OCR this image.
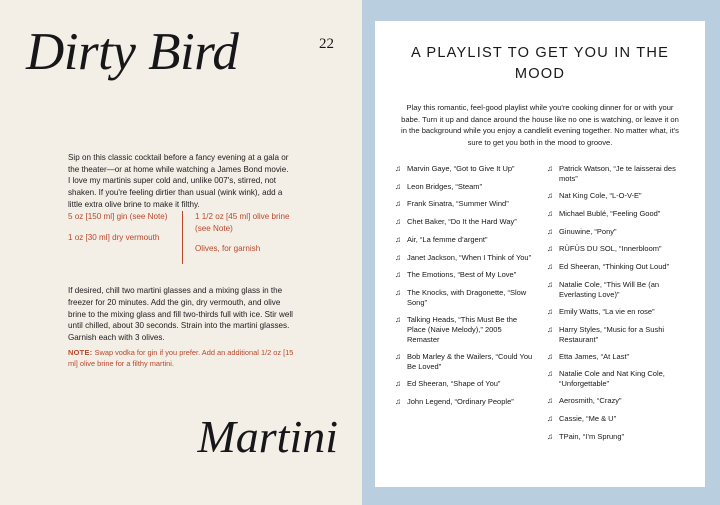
Dirty Bird	22
Sip on this classic cocktail before a fancy evening at a gala or the theater—or at home while watching a James Bond movie. I love my martinis super cold and, unlike 007's, stirred, not shaken. If you're feeling dirtier than usual (wink wink), add a little extra olive brine to make it filthy.
5 oz [150 ml] gin (see Note)
1 oz [30 ml] dry vermouth
1 1/2 oz [45 ml] olive brine (see Note)
Olives, for garnish
If desired, chill two martini glasses and a mixing glass in the freezer for 20 minutes. Add the gin, dry vermouth, and olive brine to the mixing glass and fill two-thirds full with ice. Stir well until chilled, about 30 seconds. Strain into the martini glasses. Garnish each with 3 olives.
NOTE: Swap vodka for gin if you prefer. Add an additional 1/2 oz [15 ml] olive brine for a filthy martini.
Martini
A PLAYLIST TO GET YOU IN THE MOOD
Play this romantic, feel-good playlist while you're cooking dinner for or with your babe. Turn it up and dance around the house like no one is watching, or leave it on in the background while you enjoy a candlelit evening together. No matter what, it's sure to get you both in the mood to groove.
♫ Marvin Gaye, “Got to Give It Up”
♫ Leon Bridges, “Steam”
♫ Frank Sinatra, “Summer Wind”
♫ Chet Baker, “Do It the Hard Way”
♫ Air, “La femme d’argent”
♫ Janet Jackson, “When I Think of You”
♫ The Emotions, “Best of My Love”
♫ The Knocks, with Dragonette, “Slow Song”
♫ Talking Heads, “This Must Be the Place (Naive Melody),” 2005 Remaster
♫ Bob Marley & the Wailers, “Could You Be Loved”
♫ Ed Sheeran, “Shape of You”
♫ John Legend, “Ordinary People”
♫ Patrick Watson, “Je te laisserai des mots”
♫ Nat King Cole, “L-O-V-E”
♫ Michael Bublé, “Feeling Good”
♫ Ginuwine, “Pony”
♫ RÜFÜS DU SOL, “Innerbloom”
♫ Ed Sheeran, “Thinking Out Loud”
♫ Natalie Cole, “This Will Be (an Everlasting Love)”
♫ Emily Watts, “La vie en rose”
♫ Harry Styles, “Music for a Sushi Restaurant”
♫ Etta James, “At Last”
♫ Natalie Cole and Nat King Cole, “Unforgettable”
♫ Aerosmith, “Crazy”
♫ Cassie, “Me & U”
♫ TPain, “I’m Sprung”
